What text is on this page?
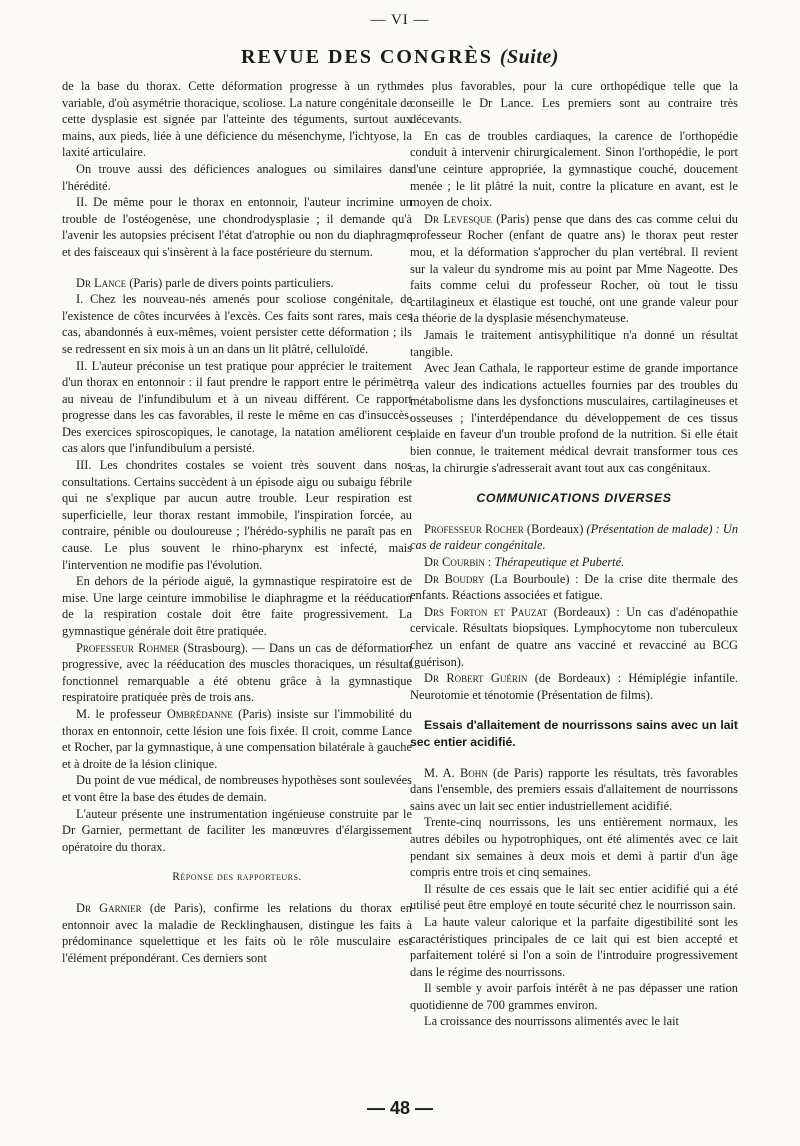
— VI —
REVUE DES CONGRÈS (Suite)

de la base du thorax. Cette déformation progresse à un rythme variable, d'où asymétrie thoracique, scoliose. La nature congénitale de cette dysplasie est signée par l'atteinte des téguments, surtout aux mains, aux pieds, liée à une déficience du mésenchyme, l'ichtyose, la laxité articulaire.

On trouve aussi des déficiences analogues ou similaires dans l'hérédité.

II. De même pour le thorax en entonnoir, l'auteur incrimine un trouble de l'ostéogenèse, une chondrodysplasie ; il demande qu'à l'avenir les autopsies précisent l'état d'atrophie ou non du diaphragme et des faisceaux qui s'insèrent à la face postérieure du sternum.

Dr Lance (Paris) parle de divers points particuliers.

I. Chez les nouveau-nés amenés pour scoliose congénitale, de l'existence de côtes incurvées à l'excès. Ces faits sont rares, mais ces cas, abandonnés à eux-mêmes, voient persister cette déformation ; ils se redressent en six mois à un an dans un lit plâtré, celluloïdé.

II. L'auteur préconise un test pratique pour apprécier le traitement d'un thorax en entonnoir : il faut prendre le rapport entre le périmètre au niveau de l'infundibulum et à un niveau différent. Ce rapport progresse dans les cas favorables, il reste le même en cas d'insuccès. Des exercices spiroscopiques, le canotage, la natation améliorent ces cas alors que l'infundibulum a persisté.

III. Les chondrites costales se voient très souvent dans nos consultations. Certains succèdent à un épisode aigu ou subaigu fébrile qui ne s'explique par aucun autre trouble. Leur respiration est superficielle, leur thorax restant immobile, l'inspiration forcée, au contraire, pénible ou douloureuse ; l'hérédo-syphilis ne paraît pas en cause. Le plus souvent le rhino-pharynx est infecté, mais l'intervention ne modifie pas l'évolution.

En dehors de la période aiguë, la gymnastique respiratoire est de mise. Une large ceinture immobilise le diaphragme et la rééducation de la respiration costale doit être faite progressivement. La gymnastique générale doit être pratiquée.

Professeur Rohmer (Strasbourg). — Dans un cas de déformation progressive, avec la rééducation des muscles thoraciques, un résultat fonctionnel remarquable a été obtenu grâce à la gymnastique respiratoire pratiquée près de trois ans.

M. le professeur Ombrédanne (Paris) insiste sur l'immobilité du thorax en entonnoir, cette lésion une fois fixée. Il croit, comme Lance et Rocher, par la gymnastique, à une compensation bilatérale à gauche et à droite de la lésion clinique.

Du point de vue médical, de nombreuses hypothèses sont soulevées et vont être la base des études de demain.

L'auteur présente une instrumentation ingénieuse construite par le Dr Garnier, permettant de faciliter les manœuvres d'élargissement opératoire du thorax.

Réponse des rapporteurs.

Dr Garnier (de Paris), confirme les relations du thorax en entonnoir avec la maladie de Recklinghausen, distingue les faits à prédominance squelettique et les faits où le rôle musculaire est l'élément prépondérant. Ces derniers sont

les plus favorables, pour la cure orthopédique telle que la conseille le Dr Lance. Les premiers sont au contraire très décevants.

En cas de troubles cardiaques, la carence de l'orthopédie conduit à intervenir chirurgicalement. Sinon l'orthopédie, le port d'une ceinture appropriée, la gymnastique couché, doucement menée ; le lit plâtré la nuit, contre la plicature en avant, est le moyen de choix.

Dr Levesque (Paris) pense que dans des cas comme celui du professeur Rocher (enfant de quatre ans) le thorax peut rester mou, et la déformation s'approcher du plan vertébral. Il revient sur la valeur du syndrome mis au point par Mme Nageotte. Des faits comme celui du professeur Rocher, où tout le tissu cartilagineux et élastique est touché, ont une grande valeur pour la théorie de la dysplasie mésenchymateuse.

Jamais le traitement antisyphilitique n'a donné un résultat tangible.

Avec Jean Cathala, le rapporteur estime de grande importance la valeur des indications actuelles fournies par des troubles du métabolisme dans les dysfonctions musculaires, cartilagineuses et osseuses ; l'interdépendance du développement de ces tissus plaide en faveur d'un trouble profond de la nutrition. Si elle était bien connue, le traitement médical devrait transformer tous ces cas, la chirurgie s'adresserait avant tout aux cas congénitaux.

COMMUNICATIONS DIVERSES

Professeur Rocher (Bordeaux) (Présentation de malade) : Un cas de raideur congénitale.

Dr Courbin : Thérapeutique et Puberté.

Dr Boudry (La Bourboule) : De la crise dite thermale des enfants. Réactions associées et fatigue.

Drs Forton et Pauzat (Bordeaux) : Un cas d'adénopathie cervicale. Résultats biopsiques. Lymphocytome non tuberculeux chez un enfant de quatre ans vacciné et revacciné au BCG (guérison).

Dr Robert Guérin (de Bordeaux) : Hémiplégie infantile. Neurotomie et ténotomie (Présentation de films).

Essais d'allaitement de nourrissons sains avec un lait sec entier acidifié.

M. A. Bohn (de Paris) rapporte les résultats, très favorables dans l'ensemble, des premiers essais d'allaitement de nourrissons sains avec un lait sec entier industriellement acidifié.

Trente-cinq nourrissons, les uns entièrement normaux, les autres débiles ou hypotrophiques, ont été alimentés avec ce lait pendant six semaines à deux mois et demi à partir d'un âge compris entre trois et cinq semaines.

Il résulte de ces essais que le lait sec entier acidifié qui a été utilisé peut être employé en toute sécurité chez le nourrisson sain.

La haute valeur calorique et la parfaite digestibilité sont les caractéristiques principales de ce lait qui est bien accepté et parfaitement toléré si l'on a soin de l'introduire progressivement dans le régime des nourrissons.

Il semble y avoir parfois intérêt à ne pas dépasser une ration quotidienne de 700 grammes environ.

La croissance des nourrissons alimentés avec le lait

— 48 —
